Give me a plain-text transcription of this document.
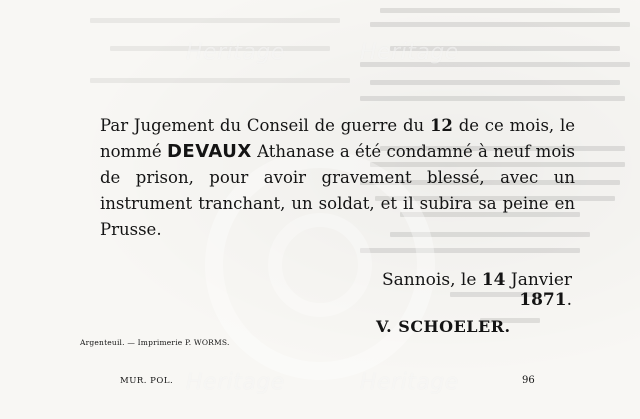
Heritage	Heritage
Heritage	Heritage

Par Jugement du Conseil de guerre du 12 de ce mois, le nommé DEVAUX Athanase a été condamné à neuf mois de prison, pour avoir gravement blessé, avec un instrument tranchant, un soldat, et il subira sa peine en Prusse.

Sannois, le 14 Janvier 1871.
V. SCHOELER.
Argenteuil. — Imprimerie P. WORMS.
MUR. POL.	96
